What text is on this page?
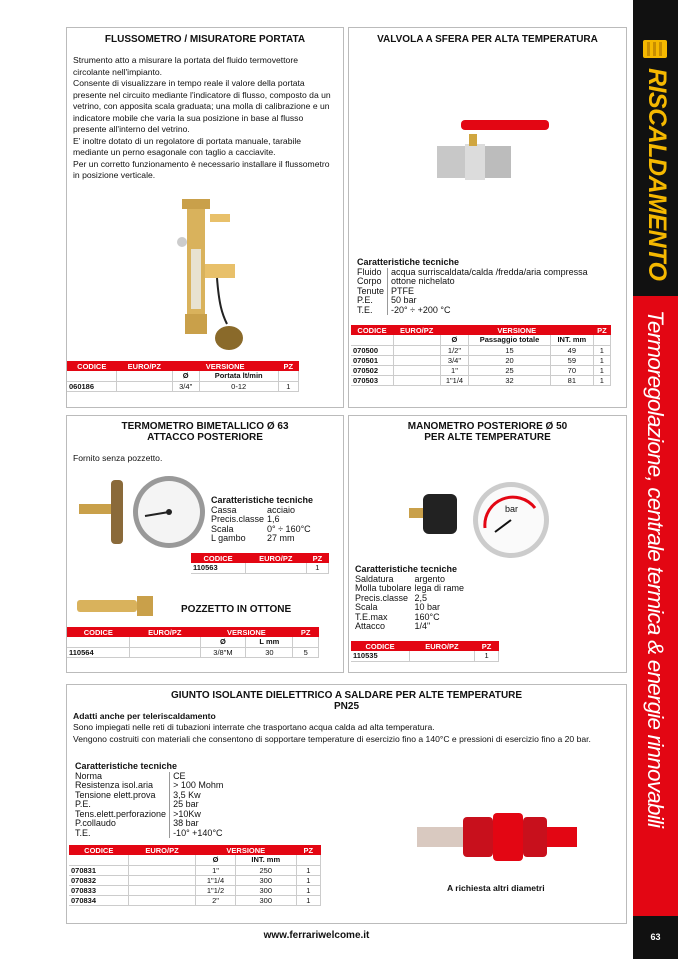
RISCALDAMENTO
Termoregolazione, centrale termica & energie rinnovabili
63
FLUSSOMETRO / MISURATORE PORTATA
Strumento atto a misurare la portata del fluido termovettore circolante nell'impianto.
Consente di visualizzare in tempo reale il valore della portata presente nel circuito mediante l'indicatore di flusso, composto da un vetrino, con apposita scala graduata; una molla di calibrazione e un indicatore mobile che varia la sua posizione in base al flusso presente all'interno del vetrino.
E' inoltre dotato di un regolatore di portata manuale, tarabile mediante un perno esagonale con taglio a cacciavite.
Per un corretto funzionamento è necessario installare il flussometro in posizione verticale.
CODICE	EURO/PZ	VERSIONE		PZ
		Ø	Portata lt/min	
060186		3/4"	0-12	1
VALVOLA A SFERA PER ALTA TEMPERATURA
Caratteristiche tecniche
Fluido	acqua surriscaldata/calda /fredda/aria compressa
Corpo	ottone nichelato
Tenute	PTFE
P.E.	50 bar
T.E.	-20° ÷ +200 °C
CODICE	EURO/PZ	VERSIONE			PZ
		Ø	Passaggio totale	INT. mm	
070500		1/2"	15	49	1
070501		3/4"	20	59	1
070502		1"	25	70	1
070503		1"1/4	32	81	1
TERMOMETRO BIMETALLICO Ø 63
ATTACCO POSTERIORE
Fornito senza pozzetto.
Caratteristiche tecniche
Cassa	acciaio
Precis.classe	1,6
Scala	0° ÷ 160°C
L gambo	27 mm
CODICE	EURO/PZ	PZ
110563		1
POZZETTO IN OTTONE
CODICE	EURO/PZ	VERSIONE		PZ
		Ø	L mm	
110564		3/8"M	30	5
MANOMETRO POSTERIORE Ø 50
PER ALTE TEMPERATURE
bar
Caratteristiche tecniche
Saldatura	argento
Molla tubolare	lega di rame
Precis.classe	2,5
Scala	10 bar
T.E.max	160°C
Attacco	1/4"
CODICE	EURO/PZ	PZ
110535		1
GIUNTO ISOLANTE DIELETTRICO A SALDARE PER ALTE TEMPERATURE
PN25
Adatti anche per teleriscaldamento
Sono impiegati nelle reti di tubazioni interrate che trasportano acqua calda ad alta temperatura.
Vengono costruiti con materiali che consentono di sopportare temperature di esercizio fino a 140°C e pressioni di esercizio fino a 20 bar.
Caratteristiche tecniche
Norma	CE
Resistenza isol.aria	> 100 Mohm
Tensione elett.prova	3,5 Kw
P.E.	25 bar
Tens.elett.perforazione	>10Kw
P.collaudo	38 bar
T.E.	-10° +140°C
CODICE	EURO/PZ	VERSIONE		PZ
		Ø	INT. mm	
070831		1"	250	1
070832		1"1/4	300	1
070833		1"1/2	300	1
070834		2"	300	1
A richiesta altri diametri
www.ferrariwelcome.it
